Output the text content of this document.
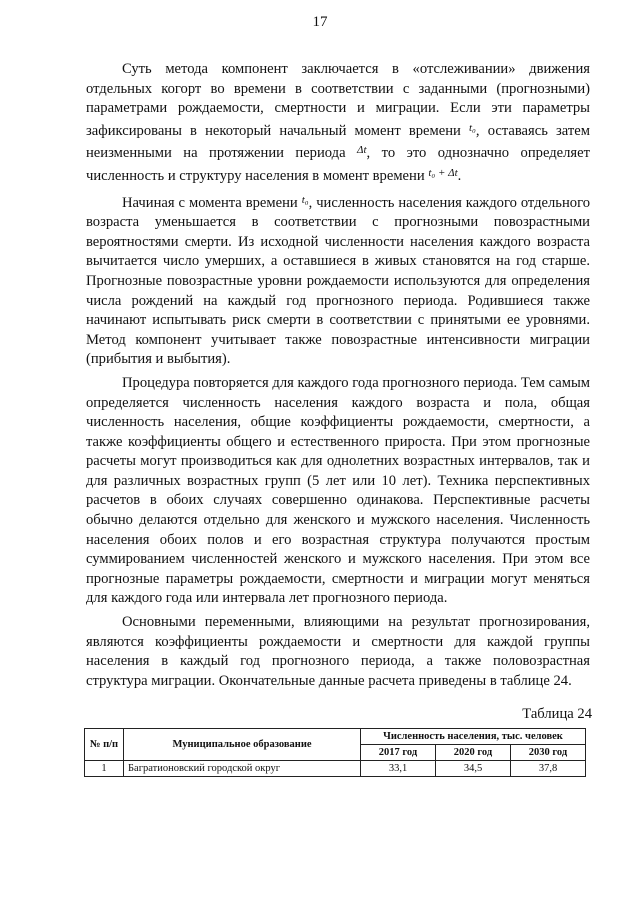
17

Суть метода компонент заключается в «отслеживании» движения отдельных когорт во времени в соответствии с заданными (прогнозными) параметрами рождаемости, смертности и миграции. Если эти параметры зафиксированы в некоторый начальный момент времени $^{t_0}$, оставаясь затем неизменными на протяжении периода $^{\Delta t}$, то это однозначно определяет численность и структуру населения в момент времени $^{t_0 + \Delta t}$.

Начиная с момента времени $^{t_0}$, численность населения каждого отдельного возраста уменьшается в соответствии с прогнозными повозрастными вероятностями смерти. Из исходной численности населения каждого возраста вычитается число умерших, а оставшиеся в живых становятся на год старше. Прогнозные повозрастные уровни рождаемости используются для определения числа рождений на каждый год прогнозного периода. Родившиеся также начинают испытывать риск смерти в соответствии с принятыми ее уровнями. Метод компонент учитывает также повозрастные интенсивности миграции (прибытия и выбытия).

Процедура повторяется для каждого года прогнозного периода. Тем самым определяется численность населения каждого возраста и пола, общая численность населения, общие коэффициенты рождаемости, смертности, а также коэффициенты общего и естественного прироста. При этом прогнозные расчеты могут производиться как для однолетних возрастных интервалов, так и для различных возрастных групп (5 лет или 10 лет). Техника перспективных расчетов в обоих случаях совершенно одинакова. Перспективные расчеты обычно делаются отдельно для женского и мужского населения. Численность населения обоих полов и его возрастная структура получаются простым суммированием численностей женского и мужского населения. При этом все прогнозные параметры рождаемости, смертности и миграции могут меняться для каждого года или интервала лет прогнозного периода.

Основными переменными, влияющими на результат прогнозирования, являются коэффициенты рождаемости и смертности для каждой группы населения в каждый год прогнозного периода, а также половозрастная структура миграции. Окончательные данные расчета приведены в таблице 24.

Таблица 24
№ п/п	Муниципальное образование	Численность населения, тыс. человек		
		2017 год	2020 год	2030 год
1	Багратионовский городской округ	33,1	34,5	37,8
